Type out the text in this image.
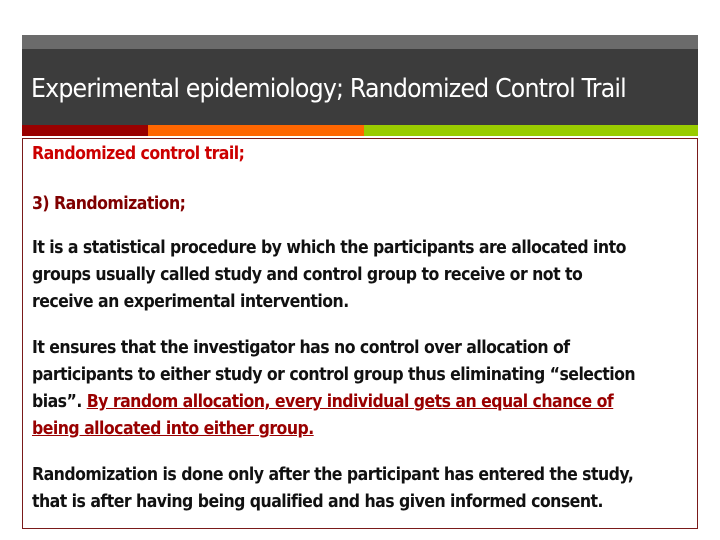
Experimental epidemiology; Randomized Control Trail
Randomized control trail;
3) Randomization;
It is a statistical procedure by which the participants are allocated into
groups usually called study and control group to receive or not to
receive an experimental intervention.
It ensures that the investigator has no control over allocation of
participants to either study or control group thus eliminating “selection
bias”. By random allocation, every individual gets an equal chance of
being allocated into either group.
Randomization is done only after the participant has entered the study,
that is after having being qualified and has given informed consent.
